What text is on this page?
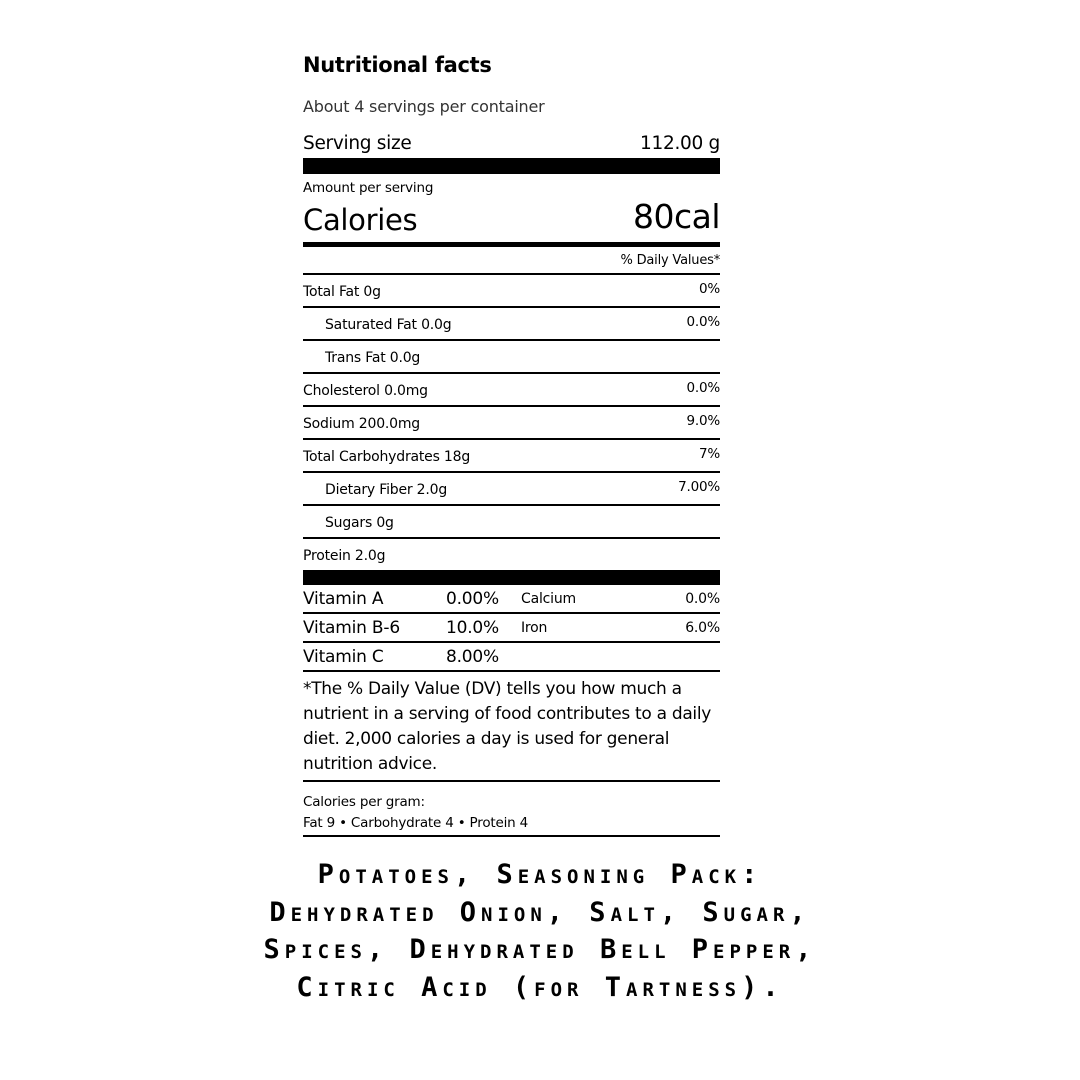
Nutritional facts
About 4 servings per container
Serving size	112.00 g
Amount per serving
Calories	80cal
% Daily Values*
Total Fat 0g	0%
Saturated Fat 0.0g	0.0%
Trans Fat 0.0g
Cholesterol 0.0mg	0.0%
Sodium 200.0mg	9.0%
Total Carbohydrates 18g	7%
Dietary Fiber 2.0g	7.00%
Sugars 0g
Protein 2.0g
Vitamin A	0.00%	Calcium	0.0%
Vitamin B-6	10.0%	Iron	6.0%
Vitamin C	8.00%
*The % Daily Value (DV) tells you how much a nutrient in a serving of food contributes to a daily diet. 2,000 calories a day is used for general nutrition advice.
Calories per gram:
Fat 9 • Carbohydrate 4 • Protein 4
Potatoes, Seasoning Pack: Dehydrated Onion, Salt, Sugar, Spices, Dehydrated Bell Pepper, Citric Acid (for Tartness).
